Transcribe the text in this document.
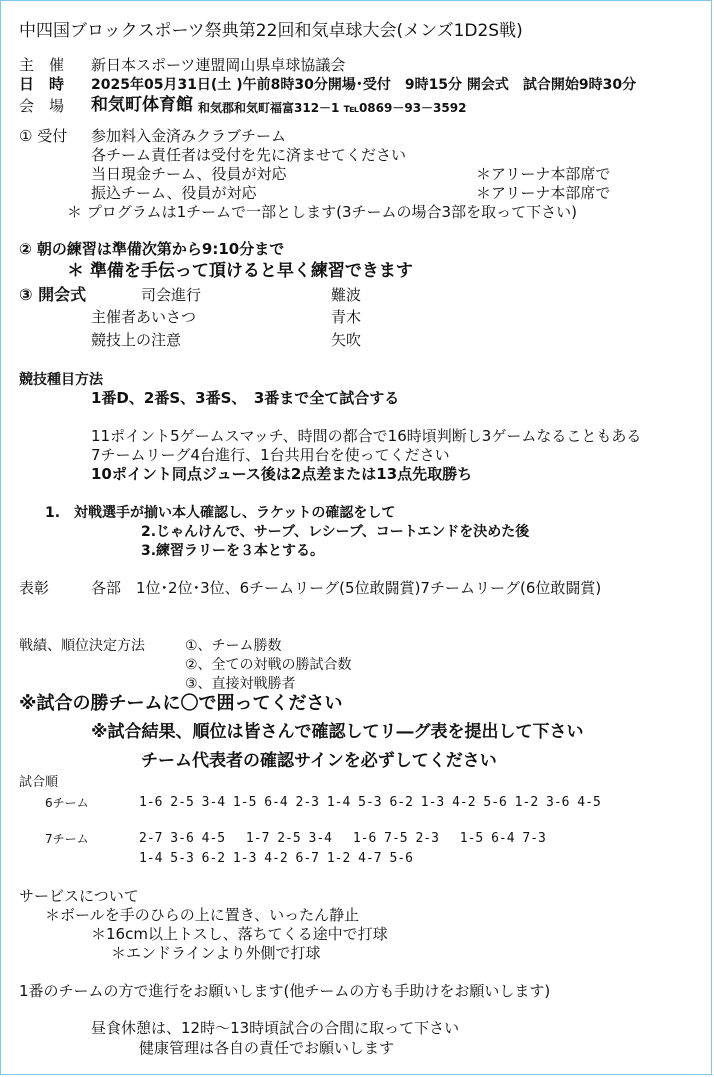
中四国ブロックスポーツ祭典第22回和気卓球大会(メンズ1D2S戦)
主　催 新日本スポーツ連盟岡山県卓球協議会
日　時 2025年05月31日(土 )午前8時30分開場･受付　9時15分 開会式　試合開始9時30分
会　場 和気町体育館 和気郡和気町福富312－1 ℡0869－93－3592
① 受付 参加料入金済みクラブチーム
各チーム責任者は受付を先に済ませてください
当日現金チーム、役員が対応	＊アリーナ本部席で
振込チーム、役員が対応	＊アリーナ本部席で
＊ プログラムは1チームで一部とします(3チームの場合3部を取って下さい)
② 朝の練習は準備次第から9:10分まで
＊ 準備を手伝って頂けると早く練習できます
③ 開会式	司会進行	難波
主催者あいさつ	青木
競技上の注意	矢吹
競技種目方法
1番D、2番S、3番S、　3番まで全て試合する
11ポイント5ゲームスマッチ、時間の都合で16時頃判断し3ゲームなることもある
7チームリーグ4台進行、1台共用台を使ってください
10ポイント同点ジュース後は2点差または13点先取勝ち
1.　対戦選手が揃い本人確認し、ラケットの確認をして
2.じゃんけんで、サーブ、レシーブ、コートエンドを決めた後
3.練習ラリーを３本とする。
表彰	各部　1位･2位･3位、6チームリーグ(5位敢闘賞)7チームリーグ(6位敢闘賞)
戦績、順位決定方法	①、チーム勝数
②、全ての対戦の勝試合数
③、直接対戦勝者
※試合の勝チームに〇で囲ってください
※試合結果、順位は皆さんで確認してリ―グ表を提出して下さい
チーム代表者の確認サインを必ずしてください
試合順
6チーム	1-6 2-5 3-4 1-5 6-4 2-3 1-4 5-3 6-2 1-3 4-2 5-6 1-2 3-6 4-5
7チーム	2-7 3-6 4-5　 1-7 2-5 3-4　 1-6 7-5 2-3　 1-5 6-4 7-3
1-4 5-3 6-2 1-3 4-2 6-7 1-2 4-7 5-6
サービスについて
＊ボールを手のひらの上に置き、いったん静止
＊16cm以上トスし、落ちてくる途中で打球
＊エンドラインより外側で打球
1番のチームの方で進行をお願いします(他チームの方も手助けをお願いします)
昼食休憩は、12時～13時頃試合の合間に取って下さい
健康管理は各自の責任でお願いします
